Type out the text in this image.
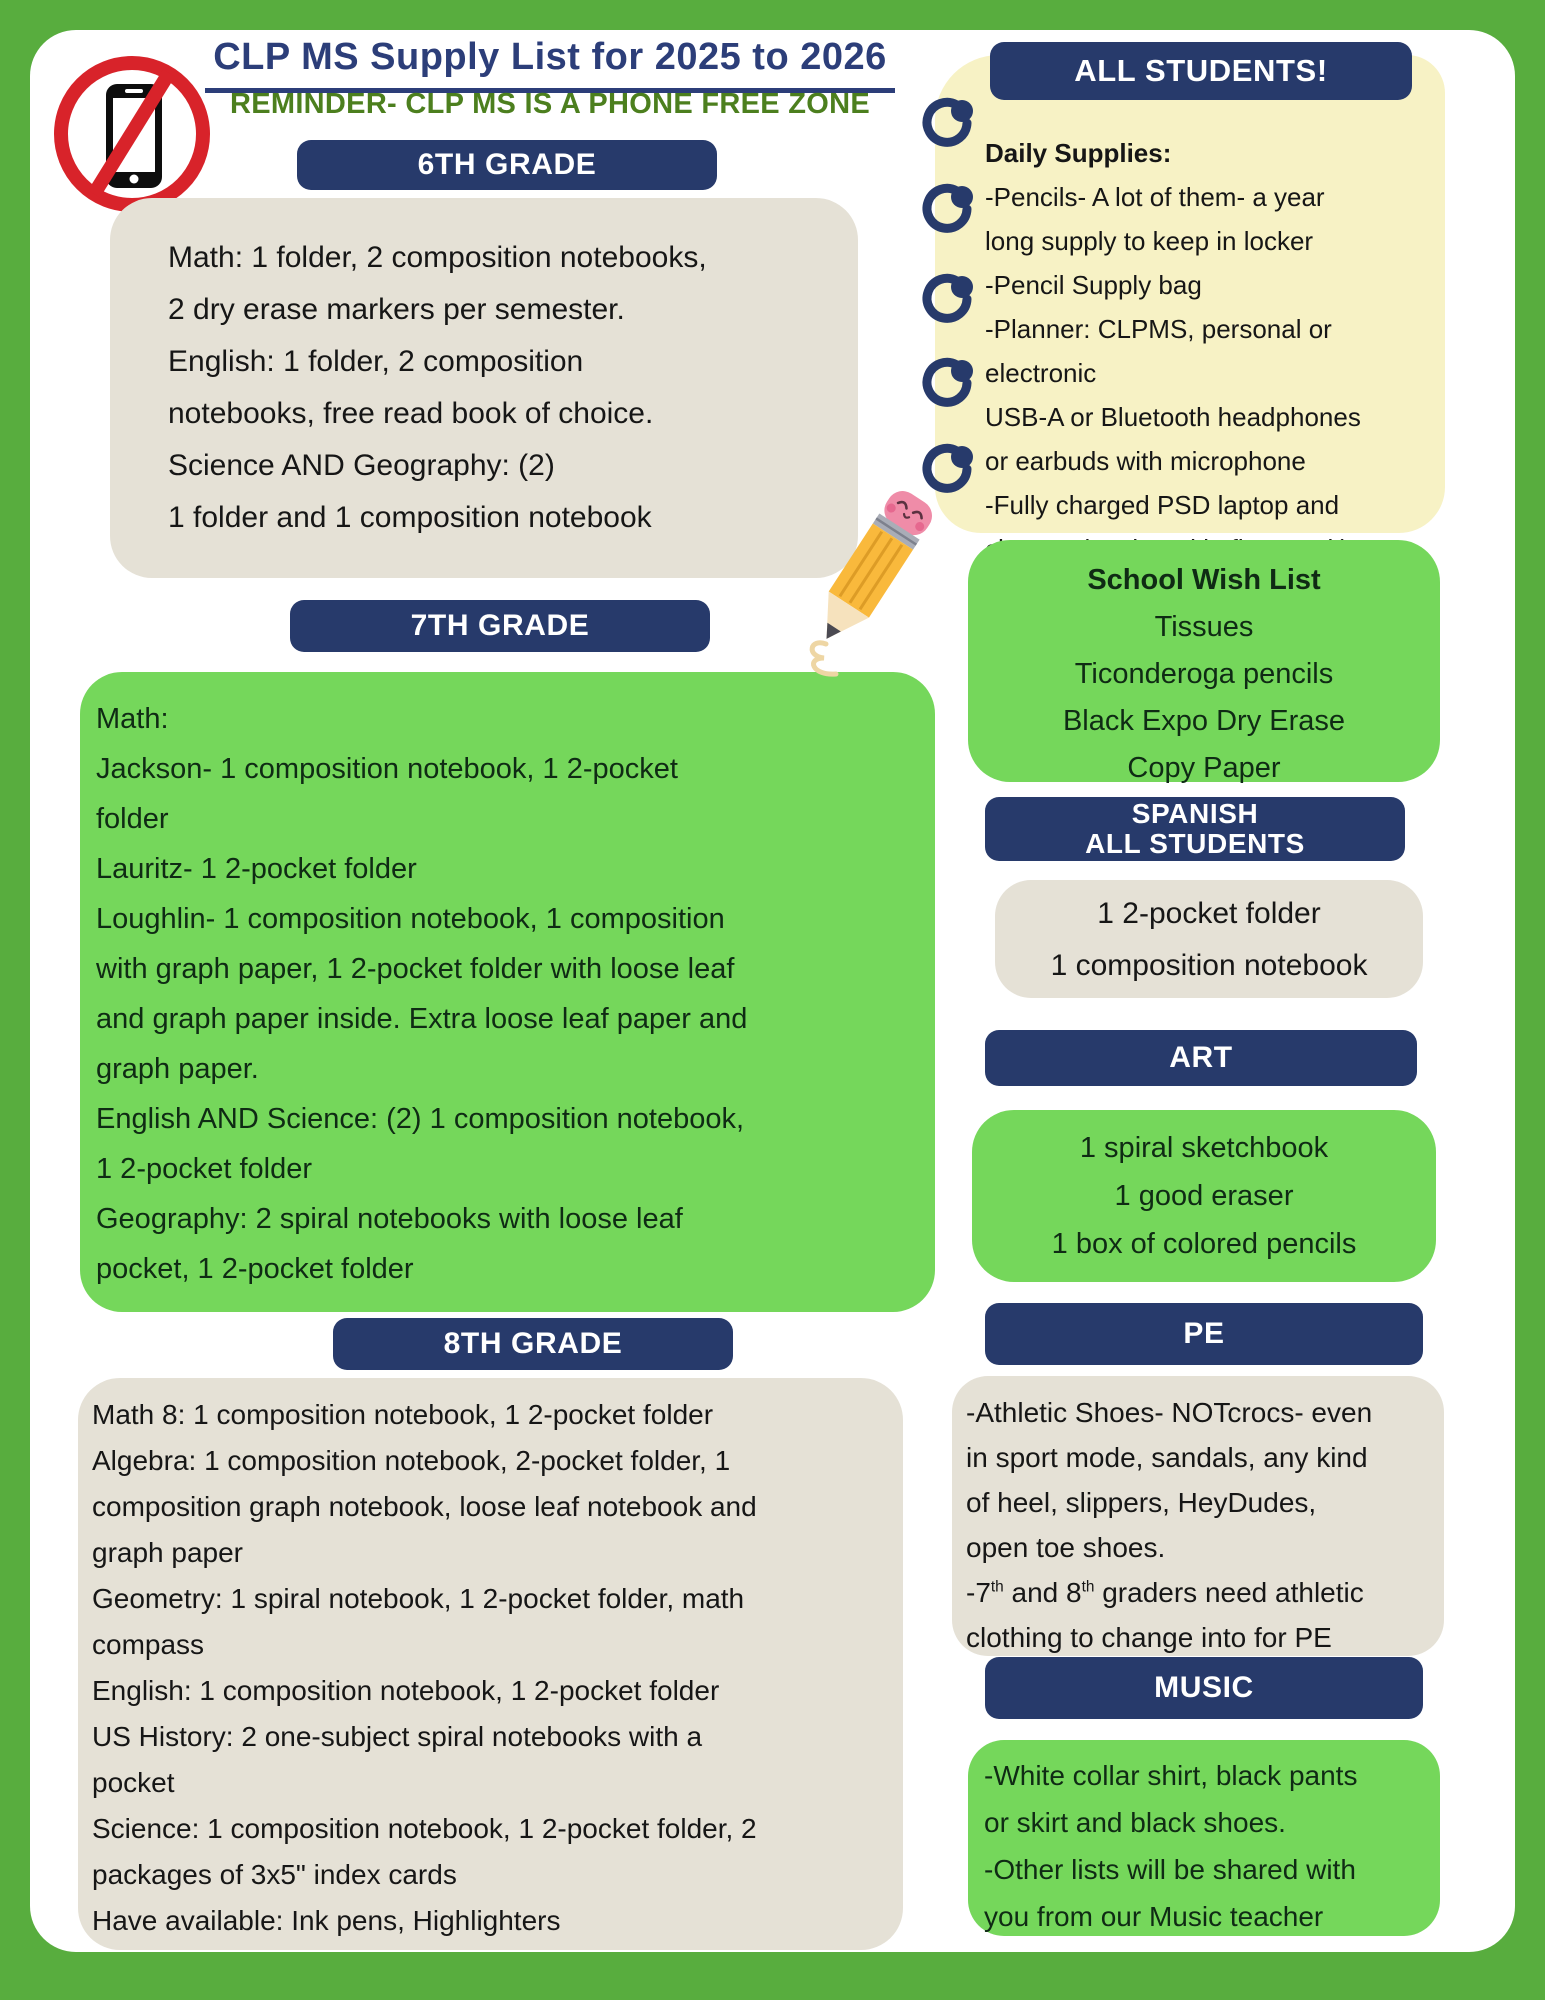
CLP MS Supply List for 2025 to 2026
REMINDER- CLP MS IS A PHONE FREE ZONE
6TH GRADE
Math: 1 folder, 2 composition notebooks,
2 dry erase markers per semester.
English: 1 folder, 2 composition
notebooks, free read book of choice.
Science AND Geography: (2)
1 folder and 1 composition notebook
7TH GRADE
Math:
Jackson- 1 composition notebook, 1 2-pocket
folder
Lauritz- 1 2-pocket folder
Loughlin- 1 composition notebook, 1 composition
with graph paper, 1 2-pocket folder with loose leaf
and graph paper inside. Extra loose leaf paper and
graph paper.
English AND Science: (2) 1 composition notebook,
1 2-pocket folder
Geography: 2 spiral notebooks with loose leaf
pocket, 1 2-pocket folder
8TH GRADE
Math 8: 1 composition notebook, 1 2-pocket folder
Algebra: 1 composition notebook, 2-pocket folder, 1
composition graph notebook, loose leaf notebook and
graph paper
Geometry: 1 spiral notebook, 1 2-pocket folder, math
compass
English: 1 composition notebook, 1 2-pocket folder
US History: 2 one-subject spiral notebooks with a
pocket
Science: 1 composition notebook, 1 2-pocket folder, 2
packages of 3x5" index cards
Have available: Ink pens, Highlighters
Daily Supplies:
-Pencils- A lot of them- a year
long supply to keep in locker
-Pencil Supply bag
-Planner: CLPMS, personal or
electronic
USB-A or Bluetooth headphones
or earbuds with microphone
-Fully charged PSD laptop and
ALL STUDENTS!
School Wish List
Tissues
Ticonderoga pencils
Black Expo Dry Erase
Copy Paper
SPANISH
ALL STUDENTS
1 2-pocket folder
1 composition notebook
ART
1 spiral sketchbook
1 good eraser
1 box of colored pencils
PE
-Athletic Shoes- NOTcrocs- even
in sport mode, sandals, any kind
of heel, slippers, HeyDudes,
open toe shoes.
-7th and 8th graders need athletic
clothing to change into for PE
MUSIC
-White collar shirt, black pants
or skirt and black shoes.
-Other lists will be shared with
you from our Music teacher
